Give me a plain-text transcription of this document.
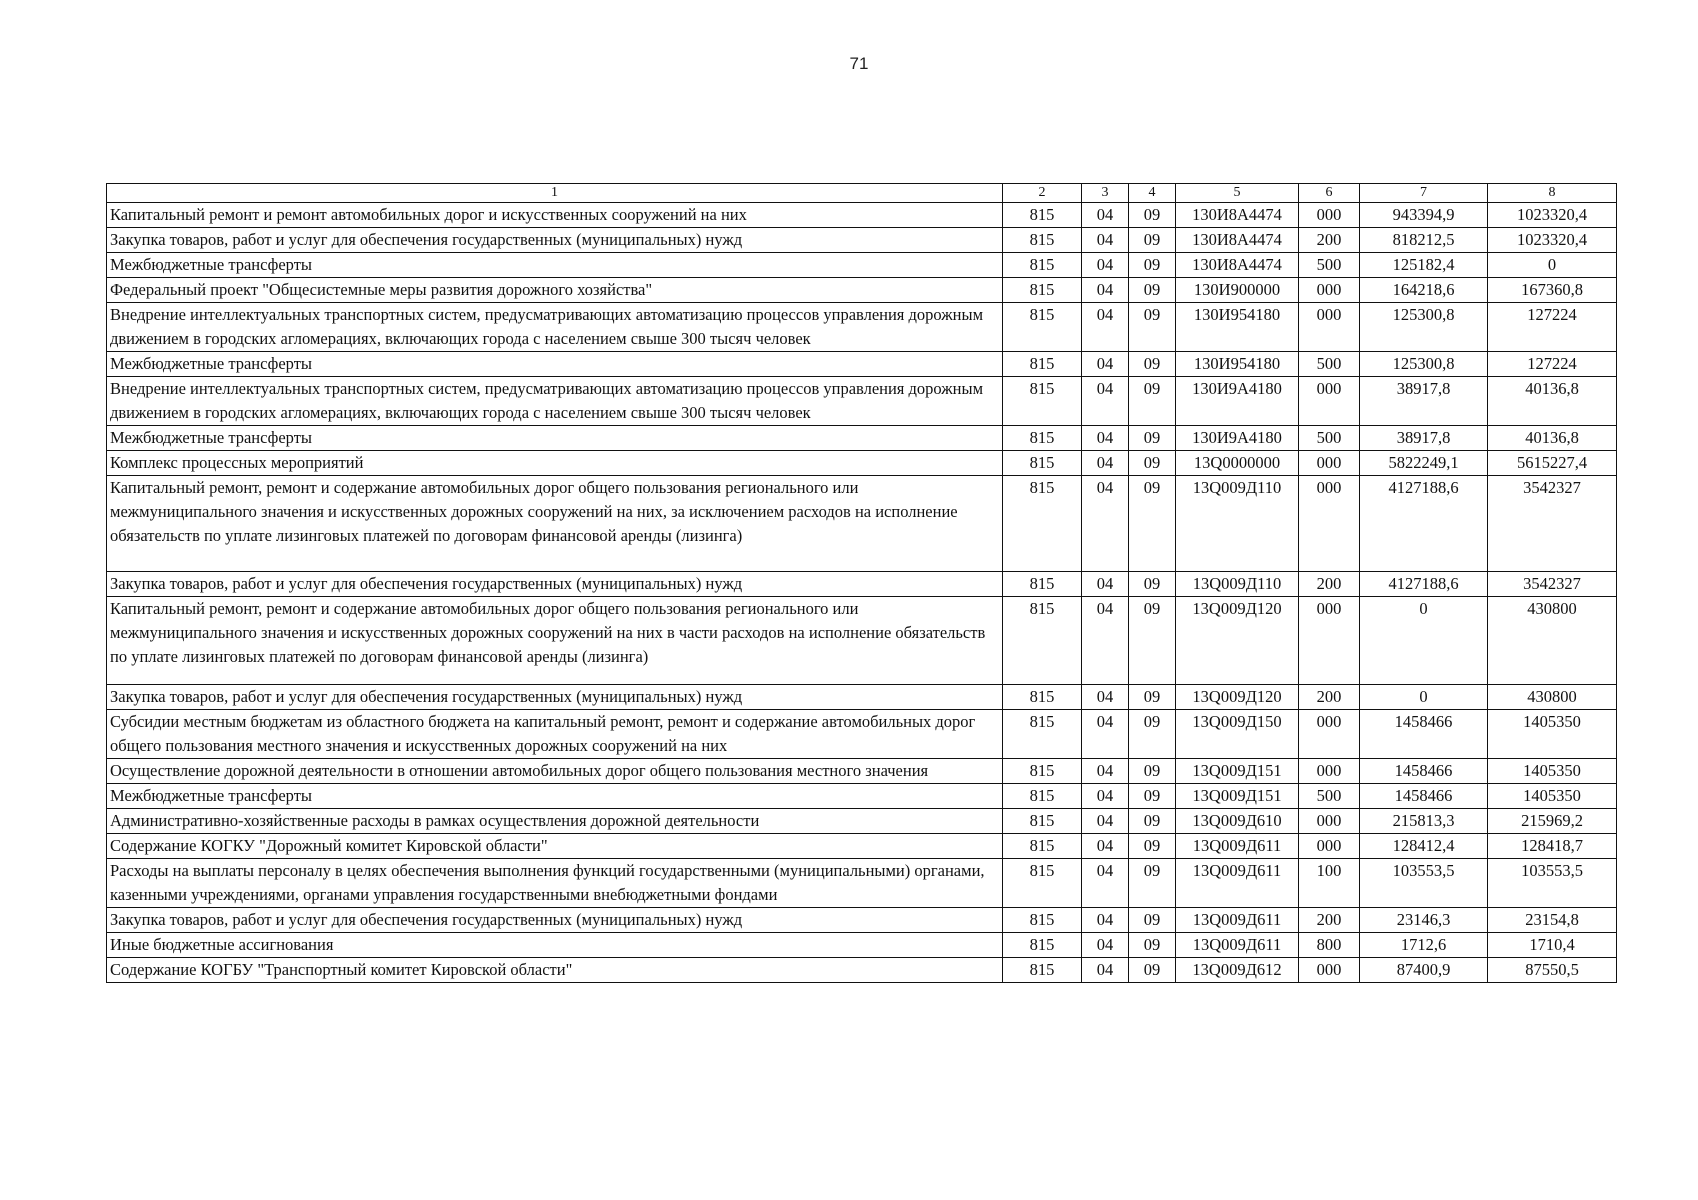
71
1	2	3	4	5	6	7	8
Капитальный ремонт и ремонт автомобильных дорог и искусственных сооружений на них	815	04	09	130И8А4474	000	943394,9	1023320,4
Закупка товаров, работ и услуг для обеспечения государственных (муниципальных) нужд	815	04	09	130И8А4474	200	818212,5	1023320,4
Межбюджетные трансферты	815	04	09	130И8А4474	500	125182,4	0
Федеральный проект "Общесистемные меры развития дорожного хозяйства"	815	04	09	130И900000	000	164218,6	167360,8
Внедрение интеллектуальных транспортных систем, предусматривающих автоматизацию процессов управления дорожным движением в городских агломерациях, включающих города с населением свыше 300 тысяч человек	815	04	09	130И954180	000	125300,8	127224
Межбюджетные трансферты	815	04	09	130И954180	500	125300,8	127224
Внедрение интеллектуальных транспортных систем, предусматривающих автоматизацию процессов управления дорожным движением в городских агломерациях, включающих города с населением свыше 300 тысяч человек	815	04	09	130И9А4180	000	38917,8	40136,8
Межбюджетные трансферты	815	04	09	130И9А4180	500	38917,8	40136,8
Комплекс процессных мероприятий	815	04	09	13Q0000000	000	5822249,1	5615227,4
Капитальный ремонт, ремонт и содержание автомобильных дорог общего пользования регионального или межмуниципального значения и искусственных дорожных сооружений на них, за исключением расходов на исполнение обязательств по уплате лизинговых платежей по договорам финансовой аренды (лизинга)	815	04	09	13Q009Д110	000	4127188,6	3542327
Закупка товаров, работ и услуг для обеспечения государственных (муниципальных) нужд	815	04	09	13Q009Д110	200	4127188,6	3542327
Капитальный ремонт, ремонт и содержание автомобильных дорог общего пользования регионального или межмуниципального значения и искусственных дорожных сооружений на них в части расходов на исполнение обязательств по уплате лизинговых платежей по договорам финансовой аренды (лизинга)	815	04	09	13Q009Д120	000	0	430800
Закупка товаров, работ и услуг для обеспечения государственных (муниципальных) нужд	815	04	09	13Q009Д120	200	0	430800
Субсидии местным бюджетам из областного бюджета на капитальный ремонт, ремонт и содержание автомобильных дорог общего пользования местного значения и искусственных дорожных сооружений на них	815	04	09	13Q009Д150	000	1458466	1405350
Осуществление дорожной деятельности в отношении автомобильных дорог общего пользования местного значения	815	04	09	13Q009Д151	000	1458466	1405350
Межбюджетные трансферты	815	04	09	13Q009Д151	500	1458466	1405350
Административно-хозяйственные расходы в рамках осуществления дорожной деятельности	815	04	09	13Q009Д610	000	215813,3	215969,2
Содержание КОГКУ "Дорожный комитет Кировской области"	815	04	09	13Q009Д611	000	128412,4	128418,7
Расходы на выплаты персоналу в целях обеспечения выполнения функций государственными (муниципальными) органами, казенными учреждениями, органами управления государственными внебюджетными фондами	815	04	09	13Q009Д611	100	103553,5	103553,5
Закупка товаров, работ и услуг для обеспечения государственных (муниципальных) нужд	815	04	09	13Q009Д611	200	23146,3	23154,8
Иные бюджетные ассигнования	815	04	09	13Q009Д611	800	1712,6	1710,4
Содержание КОГБУ "Транспортный комитет Кировской области"	815	04	09	13Q009Д612	000	87400,9	87550,5
